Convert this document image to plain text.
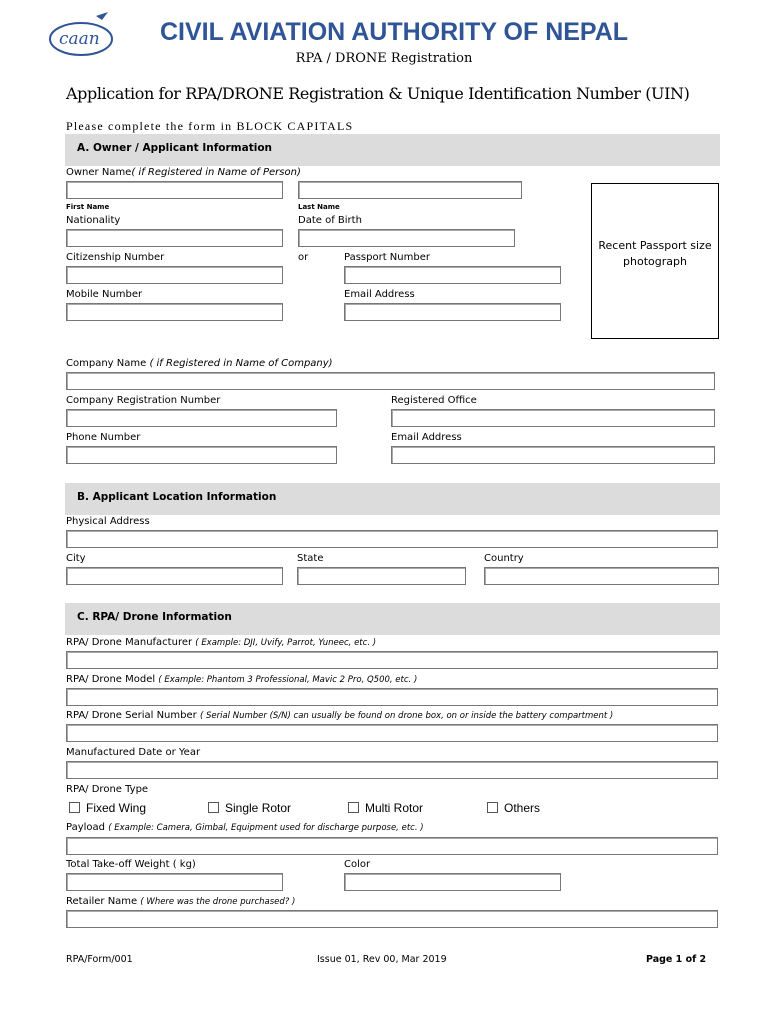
caan CIVIL AVIATION AUTHORITY OF NEPAL
RPA / DRONE Registration
Application for RPA/DRONE Registration & Unique Identification Number (UIN)
Please complete the form in BLOCK CAPITALS
A. Owner / Applicant Information
Owner Name( if Registered in Name of Person)
First Name	Last Name
Nationality	Date of Birth
Citizenship Number	or	Passport Number
Mobile Number	Email Address
Recent Passport size photograph
Company Name ( if Registered in Name of Company)
Company Registration Number	Registered Office
Phone Number	Email Address
B. Applicant Location Information
Physical Address
City	State	Country
C. RPA/ Drone Information
RPA/ Drone Manufacturer ( Example: DJI, Uvify, Parrot, Yuneec, etc. )
RPA/ Drone Model ( Example: Phantom 3 Professional, Mavic 2 Pro, Q500, etc. )
RPA/ Drone Serial Number ( Serial Number (S/N) can usually be found on drone box, on or inside the battery compartment )
Manufactured Date or Year
RPA/ Drone Type
Fixed Wing	Single Rotor	Multi Rotor	Others
Payload ( Example: Camera, Gimbal, Equipment used for discharge purpose, etc. )
Total Take-off Weight ( kg)	Color
Retailer Name ( Where was the drone purchased? )
RPA/Form/001	Issue 01, Rev 00, Mar 2019	Page 1 of 2
